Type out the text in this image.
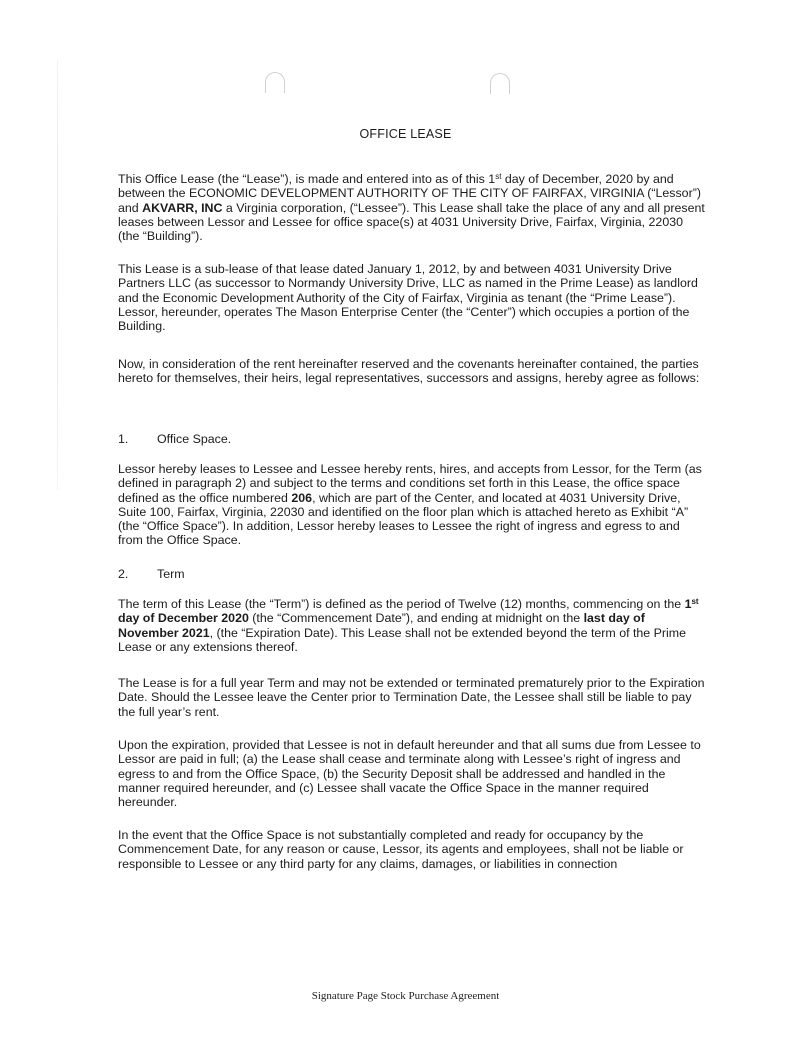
OFFICE LEASE

This Office Lease (the “Lease”), is made and entered into as of this 1st day of December, 2020 by and between the ECONOMIC DEVELOPMENT AUTHORITY OF THE CITY OF FAIRFAX, VIRGINIA (“Lessor”) and AKVARR, INC a Virginia corporation, (“Lessee”). This Lease shall take the place of any and all present leases between Lessor and Lessee for office space(s) at 4031 University Drive, Fairfax, Virginia, 22030 (the “Building”).

This Lease is a sub-lease of that lease dated January 1, 2012, by and between 4031 University Drive Partners LLC (as successor to Normandy University Drive, LLC as named in the Prime Lease) as landlord and the Economic Development Authority of the City of Fairfax, Virginia as tenant (the “Prime Lease”). Lessor, hereunder, operates The Mason Enterprise Center (the “Center”) which occupies a portion of the Building.

Now, in consideration of the rent hereinafter reserved and the covenants hereinafter contained, the parties hereto for themselves, their heirs, legal representatives, successors and assigns, hereby agree as follows:

1. Office Space.

Lessor hereby leases to Lessee and Lessee hereby rents, hires, and accepts from Lessor, for the Term (as defined in paragraph 2) and subject to the terms and conditions set forth in this Lease, the office space defined as the office numbered 206, which are part of the Center, and located at 4031 University Drive, Suite 100, Fairfax, Virginia, 22030 and identified on the floor plan which is attached hereto as Exhibit “A” (the “Office Space”). In addition, Lessor hereby leases to Lessee the right of ingress and egress to and from the Office Space.

2. Term

The term of this Lease (the “Term”) is defined as the period of Twelve (12) months, commencing on the 1st day of December 2020 (the “Commencement Date”), and ending at midnight on the last day of November 2021, (the “Expiration Date). This Lease shall not be extended beyond the term of the Prime Lease or any extensions thereof.

The Lease is for a full year Term and may not be extended or terminated prematurely prior to the Expiration Date. Should the Lessee leave the Center prior to Termination Date, the Lessee shall still be liable to pay the full year’s rent.

Upon the expiration, provided that Lessee is not in default hereunder and that all sums due from Lessee to Lessor are paid in full; (a) the Lease shall cease and terminate along with Lessee’s right of ingress and egress to and from the Office Space, (b) the Security Deposit shall be addressed and handled in the manner required hereunder, and (c) Lessee shall vacate the Office Space in the manner required hereunder.

In the event that the Office Space is not substantially completed and ready for occupancy by the Commencement Date, for any reason or cause, Lessor, its agents and employees, shall not be liable or responsible to Lessee or any third party for any claims, damages, or liabilities in connection

Signature Page Stock Purchase Agreement
